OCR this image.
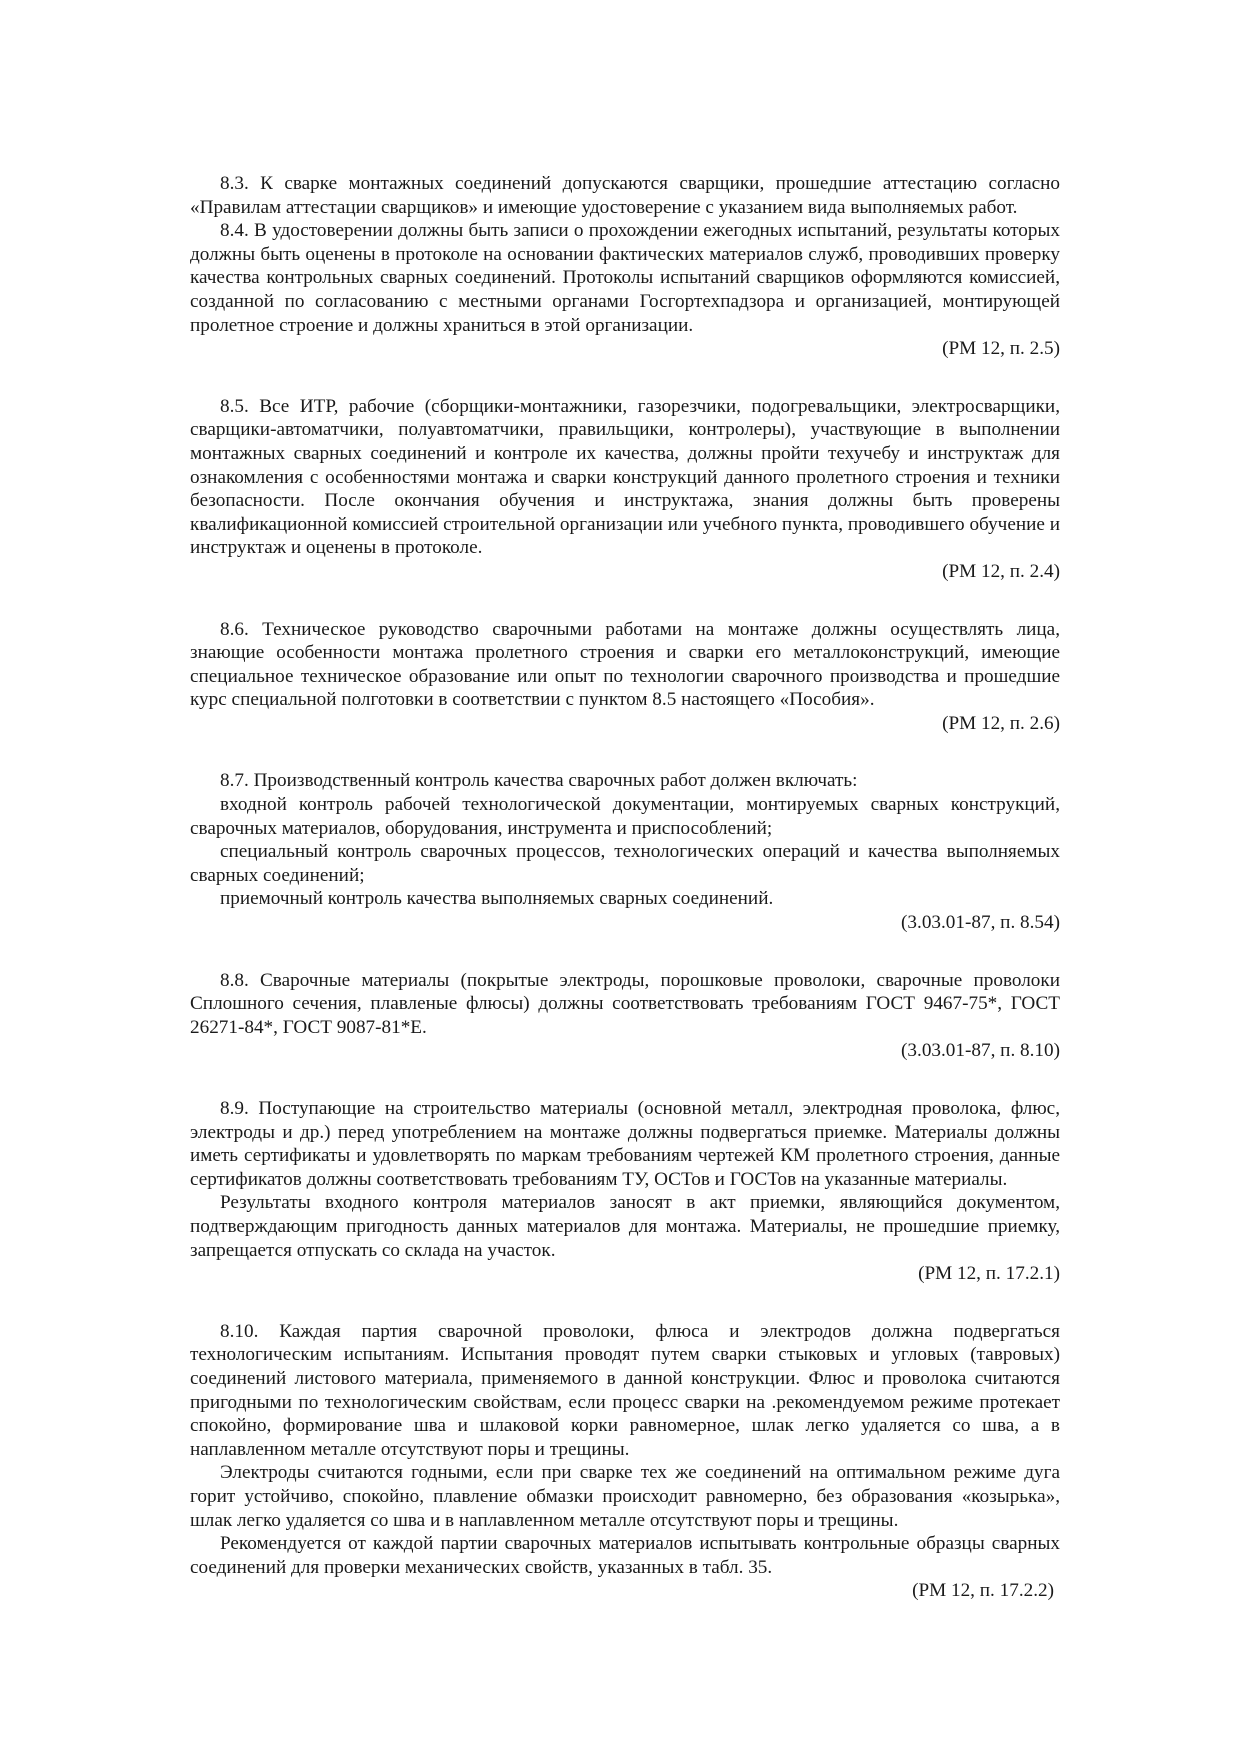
8.3. К сварке монтажных соединений допускаются сварщики, прошедшие аттестацию согласно «Правилам аттестации сварщиков» и имеющие удостоверение с указанием вида выполняемых работ.

8.4. В удостоверении должны быть записи о прохождении ежегодных испытаний, результаты которых должны быть оценены в протоколе на основании фактических материалов служб, проводивших проверку качества контрольных сварных соединений. Протоколы испытаний сварщиков оформляются комиссией, созданной по согласованию с местными органами Госгортехпадзора и организацией, монтирующей пролетное строение и должны храниться в этой организации.

(РМ 12, п. 2.5)

8.5. Все ИТР, рабочие (сборщики-монтажники, газорезчики, подогревальщики, электросварщики, сварщики-автоматчики, полуавтоматчики, правильщики, контролеры), участвующие в выполнении монтажных сварных соединений и контроле их качества, должны пройти техучебу и инструктаж для ознакомления с особенностями монтажа и сварки конструкций данного пролетного строения и техники безопасности. После окончания обучения и инструктажа, знания должны быть проверены квалификационной комиссией строительной организации или учебного пункта, проводившего обучение и инструктаж и оценены в протоколе.

(РМ 12, п. 2.4)

8.6. Техническое руководство сварочными работами на монтаже должны осуществлять лица, знающие особенности монтажа пролетного строения и сварки его металлоконструкций, имеющие специальное техническое образование или опыт по технологии сварочного производства и прошедшие курс специальной полготовки в соответствии с пунктом 8.5 настоящего «Пособия».

(РМ 12, п. 2.6)

8.7. Производственный контроль качества сварочных работ должен включать:

входной контроль рабочей технологической документации, монтируемых сварных конструкций, сварочных материалов, оборудования, инструмента и приспособлений;

специальный контроль сварочных процессов, технологических операций и качества выполняемых сварных соединений;

приемочный контроль качества выполняемых сварных соединений.

(3.03.01-87, п. 8.54)

8.8. Сварочные материалы (покрытые электроды, порошковые проволоки, сварочные проволоки Сплошного сечения, плавленые флюсы) должны соответствовать требованиям ГОСТ 9467-75*, ГОСТ 26271-84*, ГОСТ 9087-81*Е.

(3.03.01-87, п. 8.10)

8.9. Поступающие на строительство материалы (основной металл, электродная проволока, флюс, электроды и др.) перед употреблением на монтаже должны подвергаться приемке. Материалы должны иметь сертификаты и удовлетворять по маркам требованиям чертежей КМ пролетного строения, данные сертификатов должны соответствовать требованиям ТУ, ОСТов и ГОСТов на указанные материалы.

Результаты входного контроля материалов заносят в акт приемки, являющийся документом, подтверждающим пригодность данных материалов для монтажа. Материалы, не прошедшие приемку, запрещается отпускать со склада на участок.

(РМ 12, п. 17.2.1)

8.10. Каждая партия сварочной проволоки, флюса и электродов должна подвергаться технологическим испытаниям. Испытания проводят путем сварки стыковых и угловых (тавровых) соединений листового материала, применяемого в данной конструкции. Флюс и проволока считаются пригодными по технологическим свойствам, если процесс сварки на .рекомендуемом режиме протекает спокойно, формирование шва и шлаковой корки равномерное, шлак легко удаляется со шва, а в наплавленном металле отсутствуют поры и трещины.

Электроды считаются годными, если при сварке тех же соединений на оптимальном режиме дуга горит устойчиво, спокойно, плавление обмазки происходит равномерно, без образования «козырька», шлак легко удаляется со шва и в наплавленном металле отсутствуют поры и трещины.

Рекомендуется от каждой партии сварочных материалов испытывать контрольные образцы сварных соединений для проверки механических свойств, указанных в табл. 35.

(РМ 12, п. 17.2.2)
